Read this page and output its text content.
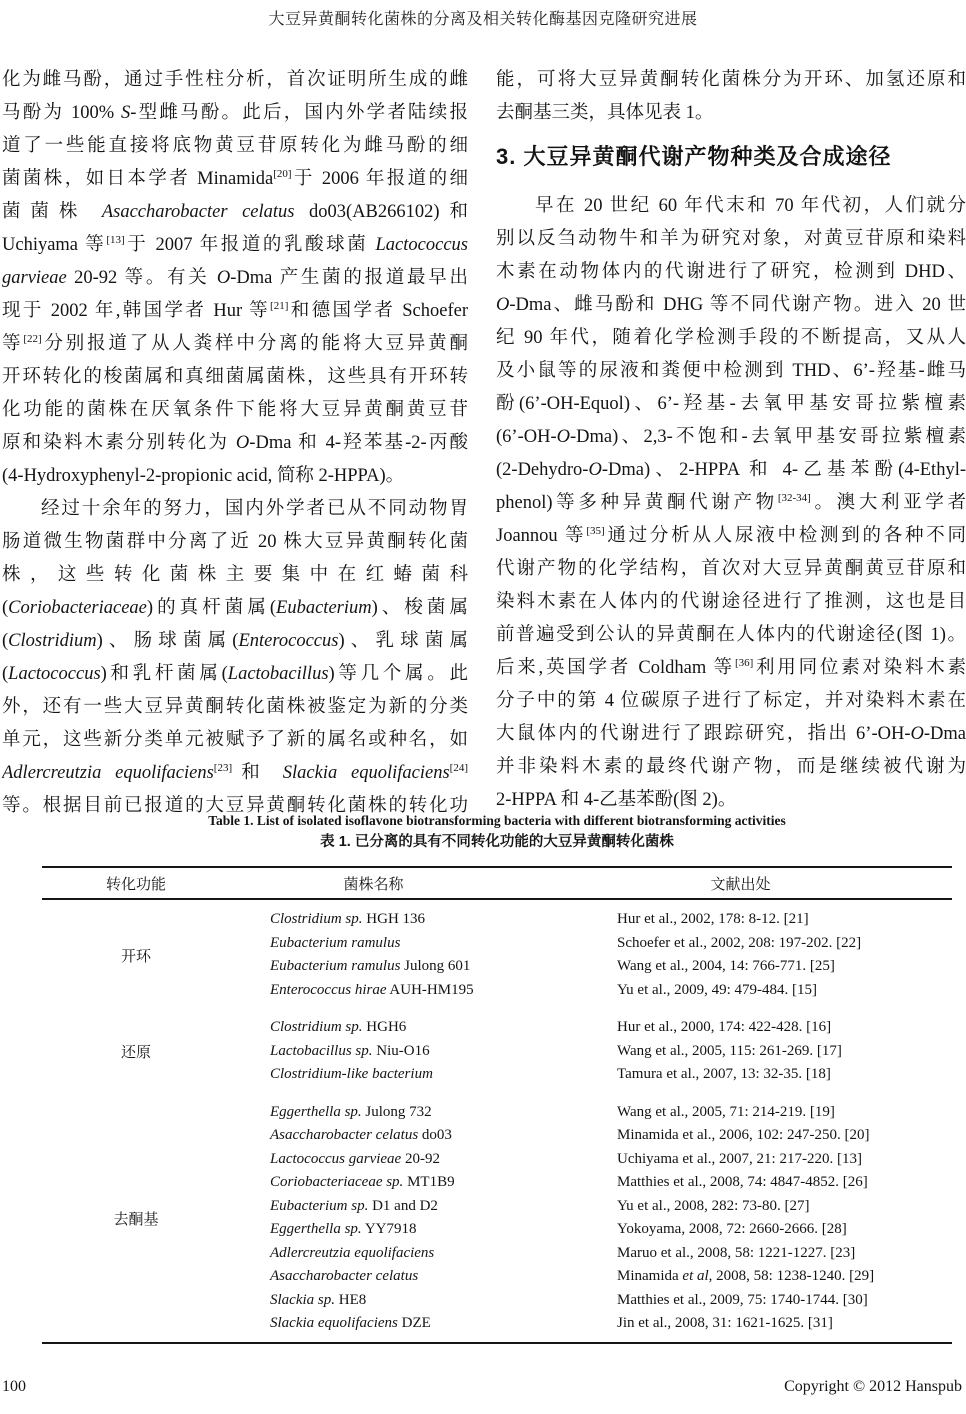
大豆异黄酮转化菌株的分离及相关转化酶基因克隆研究进展
化为雌马酚，通过手性柱分析，首次证明所生成的雌
马酚为 100% S-型雌马酚。此后，国内外学者陆续报
道了一些能直接将底物黄豆苷原转化为雌马酚的细
菌菌株，如日本学者 Minamida[20]于 2006 年报道的细
菌菌株 Asaccharobacter celatus do03(AB266102)和
Uchiyama 等[13]于 2007 年报道的乳酸球菌 Lactococcus
garvieae 20-92 等。有关 O-Dma 产生菌的报道最早出
现于 2002 年,韩国学者 Hur 等[21]和德国学者 Schoefer
等[22]分别报道了从人粪样中分离的能将大豆异黄酮
开环转化的梭菌属和真细菌属菌株，这些具有开环转
化功能的菌株在厌氧条件下能将大豆异黄酮黄豆苷
原和染料木素分别转化为 O-Dma 和 4-羟苯基-2-丙酸
(4-Hydroxyphenyl-2-propionic acid, 简称 2-HPPA)。
经过十余年的努力，国内外学者已从不同动物胃
肠道微生物菌群中分离了近 20 株大豆异黄酮转化菌
株，这些转化菌株主要集中在红蝽菌科
(Coriobacteriaceae)的真杆菌属(Eubacterium)、梭菌属
(Clostridium)、肠球菌属(Enterococcus)、乳球菌属
(Lactococcus)和乳杆菌属(Lactobacillus)等几个属。此
外，还有一些大豆异黄酮转化菌株被鉴定为新的分类
单元，这些新分类单元被赋予了新的属名或种名，如
Adlercreutzia equolifaciens[23]和 Slackia equolifaciens[24]
等。根据目前已报道的大豆异黄酮转化菌株的转化功
能，可将大豆异黄酮转化菌株分为开环、加氢还原和
去酮基三类，具体见表 1。
3. 大豆异黄酮代谢产物种类及合成途径
早在 20 世纪 60 年代末和 70 年代初，人们就分
别以反刍动物牛和羊为研究对象，对黄豆苷原和染料
木素在动物体内的代谢进行了研究，检测到 DHD、
O-Dma、雌马酚和 DHG 等不同代谢产物。进入 20 世
纪 90 年代，随着化学检测手段的不断提高，又从人
及小鼠等的尿液和粪便中检测到 THD、6’-羟基-雌马
酚(6’-OH-Equol)、6’-羟基-去氧甲基安哥拉紫檀素
(6’-OH-O-Dma)、2,3-不饱和-去氧甲基安哥拉紫檀素
(2-Dehydro-O-Dma)、2-HPPA 和 4-乙基苯酚(4-Ethyl-
phenol)等多种异黄酮代谢产物[32-34]。澳大利亚学者
Joannou 等[35]通过分析从人尿液中检测到的各种不同
代谢产物的化学结构，首次对大豆异黄酮黄豆苷原和
染料木素在人体内的代谢途径进行了推测，这也是目
前普遍受到公认的异黄酮在人体内的代谢途径(图 1)。
后来,英国学者 Coldham 等[36]利用同位素对染料木素
分子中的第 4 位碳原子进行了标定，并对染料木素在
大鼠体内的代谢进行了跟踪研究，指出 6’-OH-O-Dma
并非染料木素的最终代谢产物，而是继续被代谢为
2-HPPA 和 4-乙基苯酚(图 2)。
Table 1. List of isolated isoflavone biotransforming bacteria with different biotransforming activities
表 1. 已分离的具有不同转化功能的大豆异黄酮转化菌株
转化功能	菌株名称	文献出处
开环
Clostridium sp. HGH 136	Hur et al., 2002, 178: 8-12. [21]
Eubacterium ramulus	Schoefer et al., 2002, 208: 197-202. [22]
Eubacterium ramulus Julong 601	Wang et al., 2004, 14: 766-771. [25]
Enterococcus hirae AUH-HM195	Yu et al., 2009, 49: 479-484. [15]
还原
Clostridium sp. HGH6	Hur et al., 2000, 174: 422-428. [16]
Lactobacillus sp. Niu-O16	Wang et al., 2005, 115: 261-269. [17]
Clostridium-like bacterium	Tamura et al., 2007, 13: 32-35. [18]
去酮基
Eggerthella sp. Julong 732	Wang et al., 2005, 71: 214-219. [19]
Asaccharobacter celatus do03	Minamida et al., 2006, 102: 247-250. [20]
Lactococcus garvieae 20-92	Uchiyama et al., 2007, 21: 217-220. [13]
Coriobacteriaceae sp. MT1B9	Matthies et al., 2008, 74: 4847-4852. [26]
Eubacterium sp. D1 and D2	Yu et al., 2008, 282: 73-80. [27]
Eggerthella sp. YY7918	Yokoyama, 2008, 72: 2660-2666. [28]
Adlercreutzia equolifaciens	Maruo et al., 2008, 58: 1221-1227. [23]
Asaccharobacter celatus	Minamida et al, 2008, 58: 1238-1240. [29]
Slackia sp. HE8	Matthies et al., 2009, 75: 1740-1744. [30]
Slackia equolifaciens DZE	Jin et al., 2008, 31: 1621-1625. [31]
100	Copyright © 2012 Hanspub
